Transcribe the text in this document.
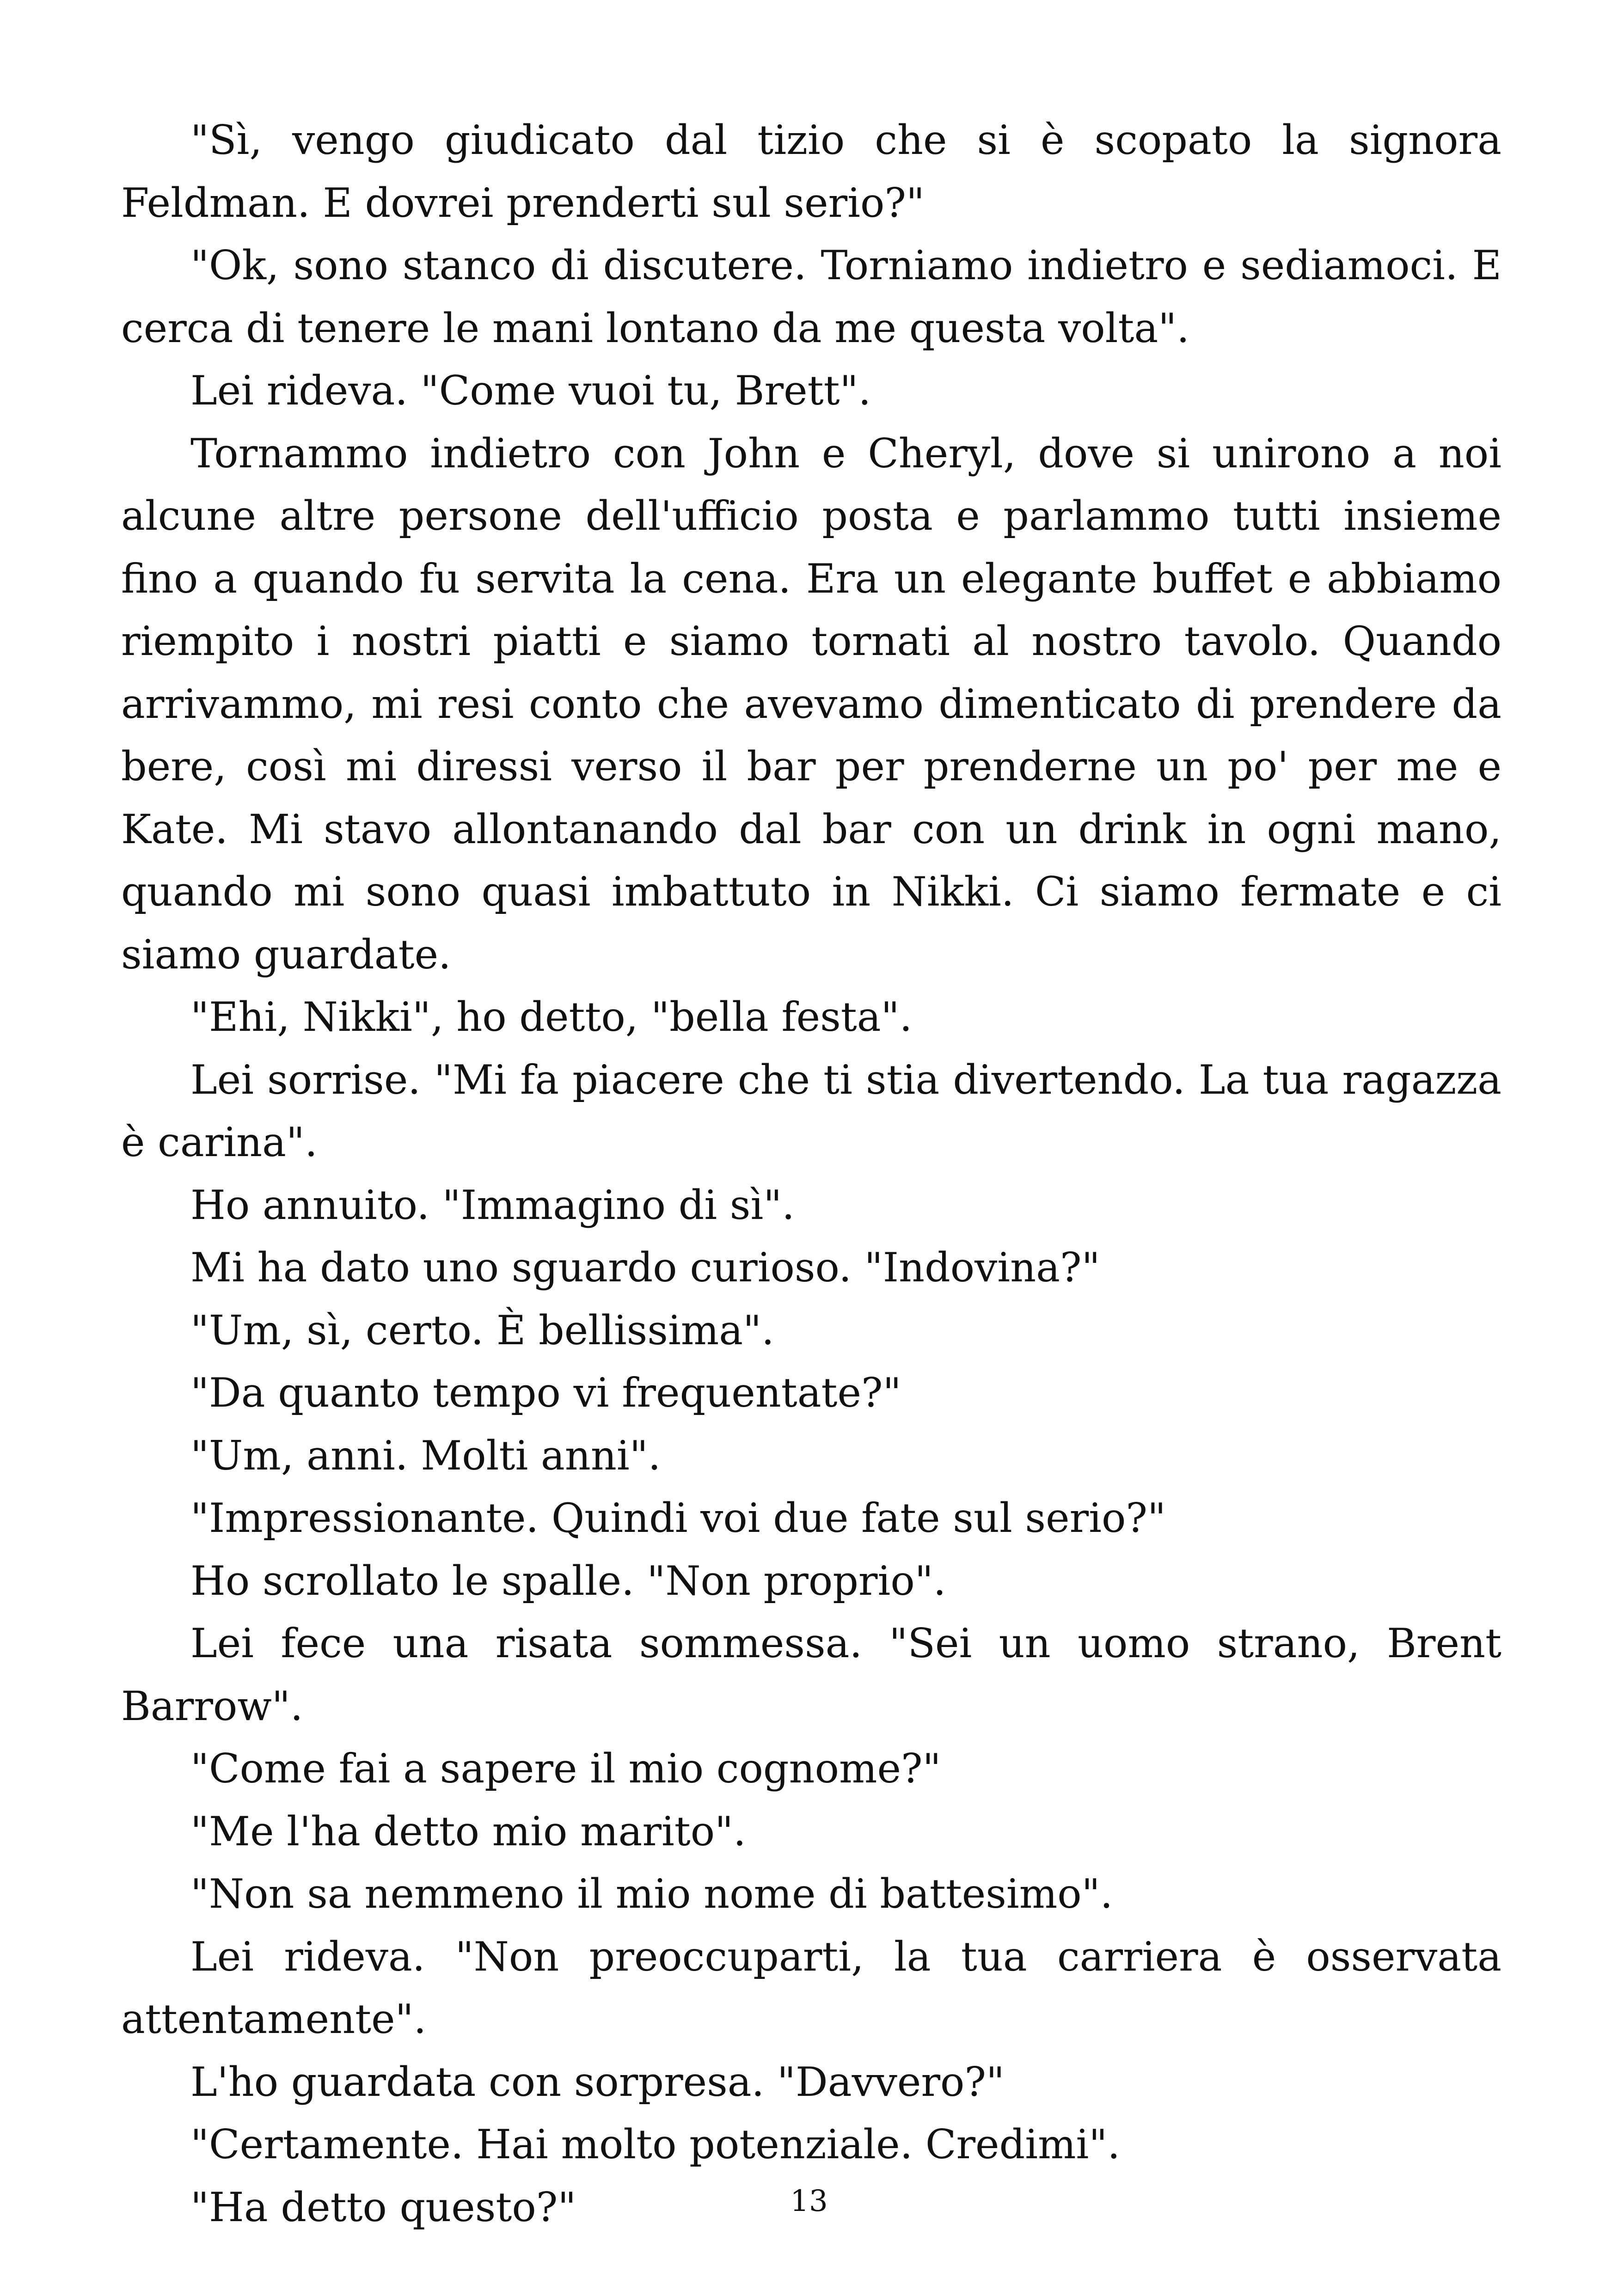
"Sì, vengo giudicato dal tizio che si è scopato la signora Feldman. E dovrei prenderti sul serio?"

"Ok, sono stanco di discutere. Torniamo indietro e sediamoci. E cerca di tenere le mani lontano da me questa volta".

Lei rideva. "Come vuoi tu, Brett".

Tornammo indietro con John e Cheryl, dove si unirono a noi alcune altre persone dell'ufficio posta e parlammo tutti insieme fino a quando fu servita la cena. Era un elegante buffet e abbiamo riempito i nostri piatti e siamo tornati al nostro tavolo. Quando arrivammo, mi resi conto che avevamo dimenticato di prendere da bere, così mi diressi verso il bar per prenderne un po' per me e Kate. Mi stavo allontanando dal bar con un drink in ogni mano, quando mi sono quasi imbattuto in Nikki. Ci siamo fermate e ci siamo guardate.

"Ehi, Nikki", ho detto, "bella festa".

Lei sorrise. "Mi fa piacere che ti stia divertendo. La tua ragazza è carina".

Ho annuito. "Immagino di sì".

Mi ha dato uno sguardo curioso. "Indovina?"

"Um, sì, certo. È bellissima".

"Da quanto tempo vi frequentate?"

"Um, anni. Molti anni".

"Impressionante. Quindi voi due fate sul serio?"

Ho scrollato le spalle. "Non proprio".

Lei fece una risata sommessa. "Sei un uomo strano, Brent Barrow".

"Come fai a sapere il mio cognome?"

"Me l'ha detto mio marito".

"Non sa nemmeno il mio nome di battesimo".

Lei rideva. "Non preoccuparti, la tua carriera è osservata attentamente".

L'ho guardata con sorpresa. "Davvero?"

"Certamente. Hai molto potenziale. Credimi".

"Ha detto questo?"	13
